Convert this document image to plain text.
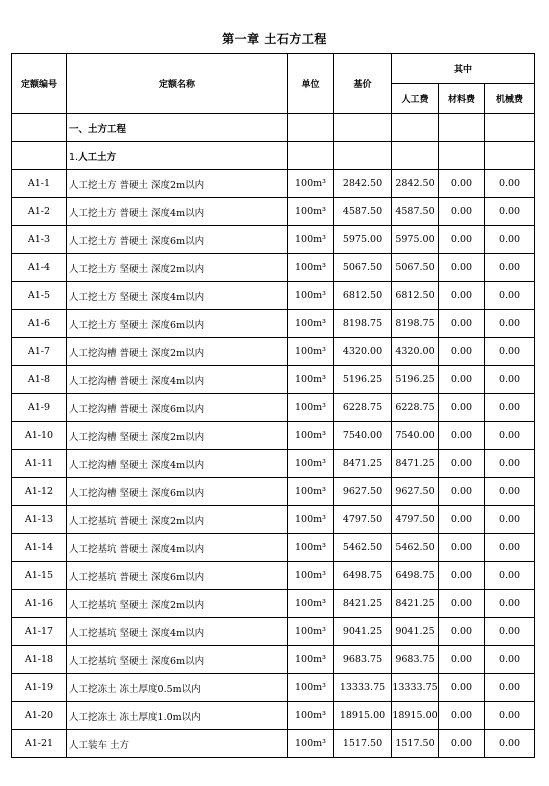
第一章 土石方工程
定额编号	定额名称	单位	基价	其中		
				人工费	材料费	机械费
	一、土方工程					
	1.人工土方					
A1-1	人工挖土方 普硬土 深度2m以内	100m³	2842.50	2842.50	0.00	0.00
A1-2	人工挖土方 普硬土 深度4m以内	100m³	4587.50	4587.50	0.00	0.00
A1-3	人工挖土方 普硬土 深度6m以内	100m³	5975.00	5975.00	0.00	0.00
A1-4	人工挖土方 坚硬土 深度2m以内	100m³	5067.50	5067.50	0.00	0.00
A1-5	人工挖土方 坚硬土 深度4m以内	100m³	6812.50	6812.50	0.00	0.00
A1-6	人工挖土方 坚硬土 深度6m以内	100m³	8198.75	8198.75	0.00	0.00
A1-7	人工挖沟槽 普硬土 深度2m以内	100m³	4320.00	4320.00	0.00	0.00
A1-8	人工挖沟槽 普硬土 深度4m以内	100m³	5196.25	5196.25	0.00	0.00
A1-9	人工挖沟槽 普硬土 深度6m以内	100m³	6228.75	6228.75	0.00	0.00
A1-10	人工挖沟槽 坚硬土 深度2m以内	100m³	7540.00	7540.00	0.00	0.00
A1-11	人工挖沟槽 坚硬土 深度4m以内	100m³	8471.25	8471.25	0.00	0.00
A1-12	人工挖沟槽 坚硬土 深度6m以内	100m³	9627.50	9627.50	0.00	0.00
A1-13	人工挖基坑 普硬土 深度2m以内	100m³	4797.50	4797.50	0.00	0.00
A1-14	人工挖基坑 普硬土 深度4m以内	100m³	5462.50	5462.50	0.00	0.00
A1-15	人工挖基坑 普硬土 深度6m以内	100m³	6498.75	6498.75	0.00	0.00
A1-16	人工挖基坑 坚硬土 深度2m以内	100m³	8421.25	8421.25	0.00	0.00
A1-17	人工挖基坑 坚硬土 深度4m以内	100m³	9041.25	9041.25	0.00	0.00
A1-18	人工挖基坑 坚硬土 深度6m以内	100m³	9683.75	9683.75	0.00	0.00
A1-19	人工挖冻土 冻土厚度0.5m以内	100m³	13333.75	13333.75	0.00	0.00
A1-20	人工挖冻土 冻土厚度1.0m以内	100m³	18915.00	18915.00	0.00	0.00
A1-21	人工装车 土方	100m³	1517.50	1517.50	0.00	0.00
